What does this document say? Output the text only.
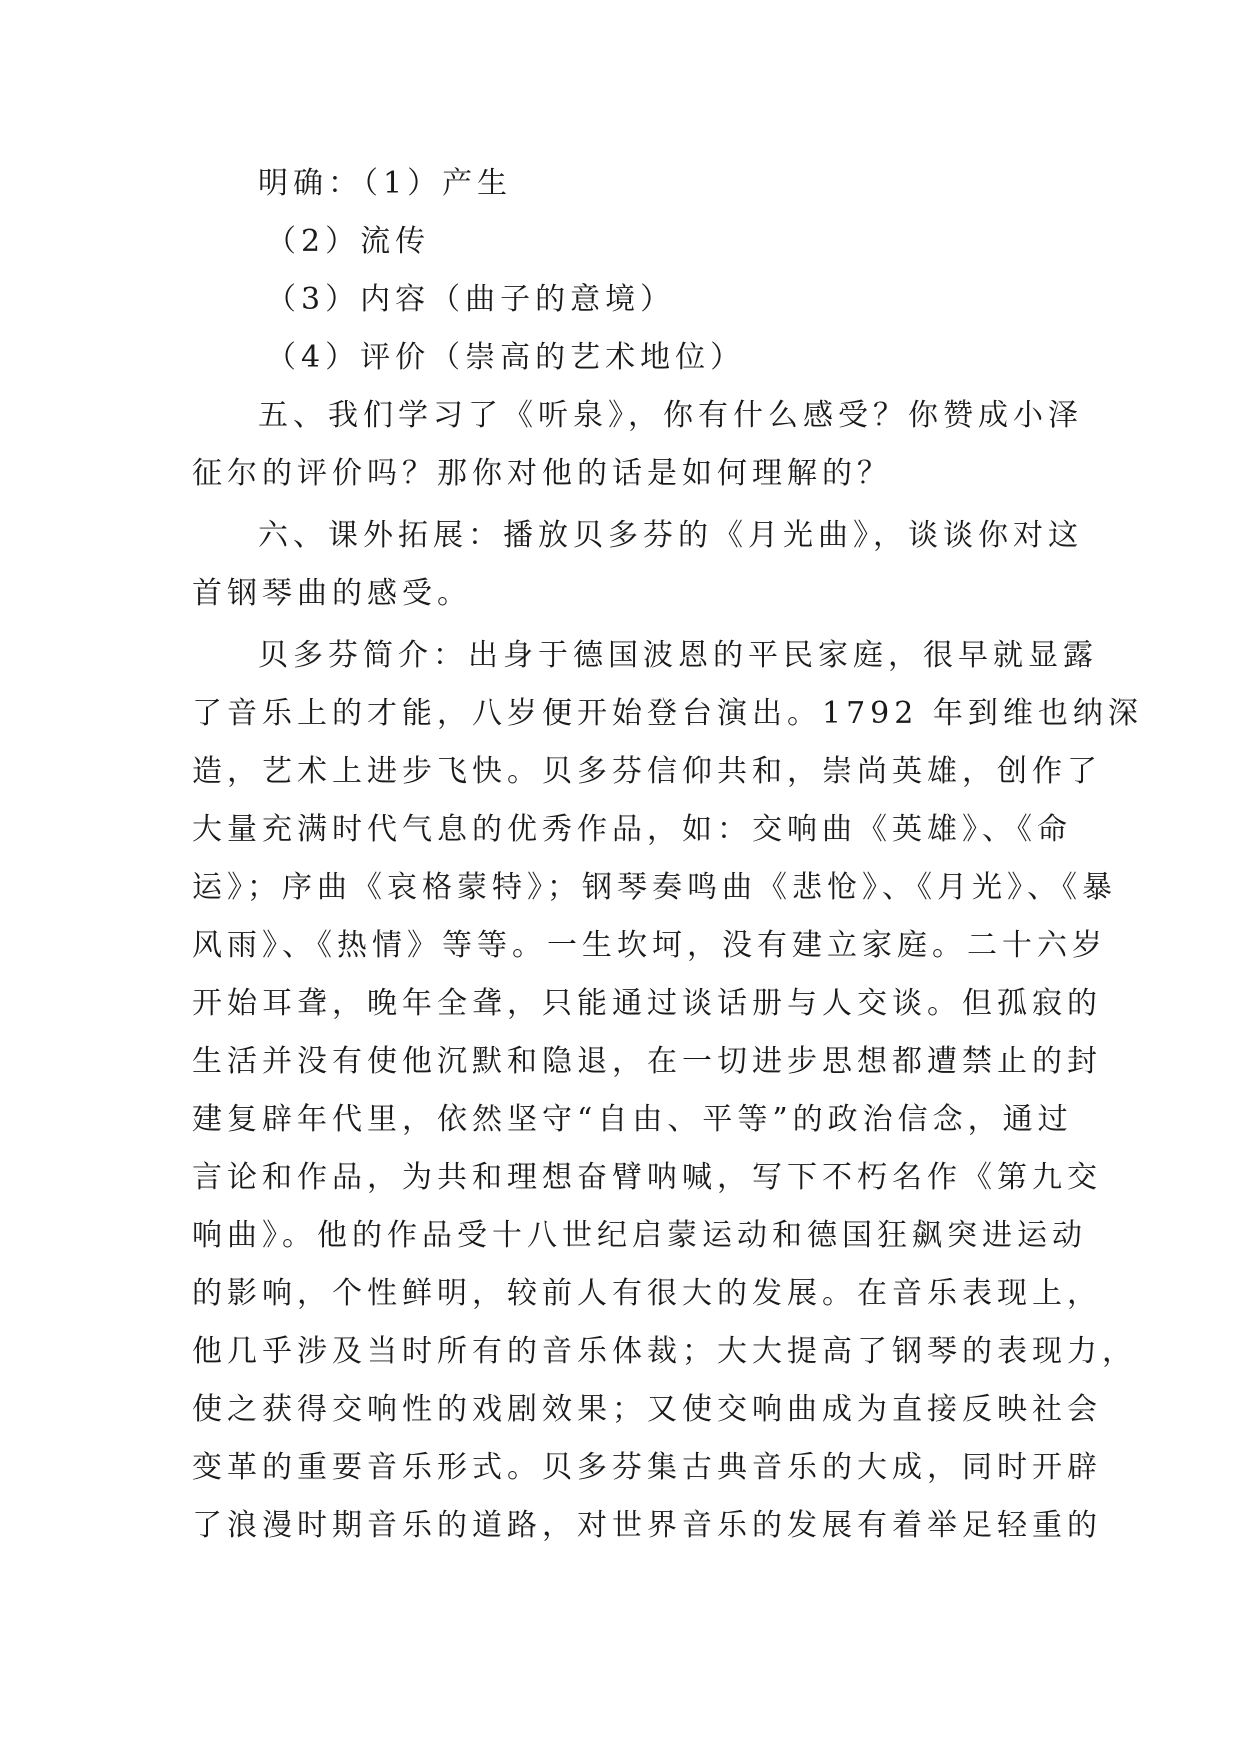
明确：（1）产生
（2）流传
（3）内容（曲子的意境）
（4）评价（崇高的艺术地位）
五、我们学习了《听泉》，你有什么感受？你赞成小泽
征尔的评价吗？那你对他的话是如何理解的？
六、课外拓展：播放贝多芬的《月光曲》，谈谈你对这
首钢琴曲的感受。
贝多芬简介：出身于德国波恩的平民家庭，很早就显露
了音乐上的才能，八岁便开始登台演出。1792 年到维也纳深
造，艺术上进步飞快。贝多芬信仰共和，崇尚英雄，创作了
大量充满时代气息的优秀作品，如：交响曲《英雄》、《命
运》；序曲《哀格蒙特》；钢琴奏鸣曲《悲怆》、《月光》、《暴
风雨》、《热情》等等。一生坎坷，没有建立家庭。二十六岁
开始耳聋，晚年全聋，只能通过谈话册与人交谈。但孤寂的
生活并没有使他沉默和隐退，在一切进步思想都遭禁止的封
建复辟年代里，依然坚守“自由、平等”的政治信念，通过
言论和作品，为共和理想奋臂呐喊，写下不朽名作《第九交
响曲》。他的作品受十八世纪启蒙运动和德国狂飙突进运动
的影响，个性鲜明，较前人有很大的发展。在音乐表现上，
他几乎涉及当时所有的音乐体裁；大大提高了钢琴的表现力，
使之获得交响性的戏剧效果；又使交响曲成为直接反映社会
变革的重要音乐形式。贝多芬集古典音乐的大成，同时开辟
了浪漫时期音乐的道路，对世界音乐的发展有着举足轻重的
